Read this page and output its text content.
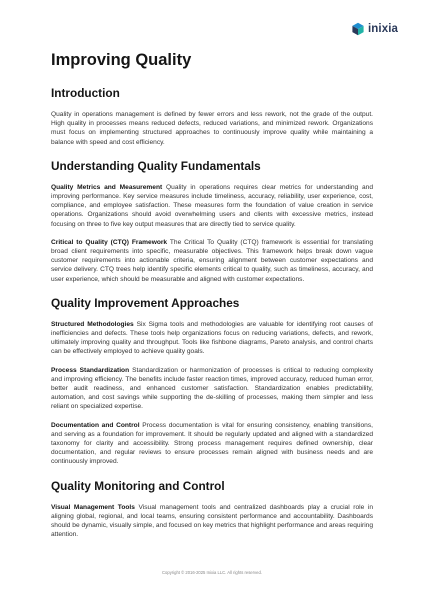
inixia
Improving Quality
Introduction

Quality in operations management is defined by fewer errors and less rework, not the grade of the output. High quality in processes means reduced defects, reduced variations, and minimized rework. Organizations must focus on implementing structured approaches to continuously improve quality while maintaining a balance with speed and cost efficiency.

Understanding Quality Fundamentals

Quality Metrics and Measurement Quality in operations requires clear metrics for understanding and improving performance. Key service measures include timeliness, accuracy, reliability, user experience, cost, compliance, and employee satisfaction. These measures form the foundation of value creation in service operations. Organizations should avoid overwhelming users and clients with excessive metrics, instead focusing on three to five key output measures that are directly tied to service quality.

Critical to Quality (CTQ) Framework The Critical To Quality (CTQ) framework is essential for translating broad client requirements into specific, measurable objectives. This framework helps break down vague customer requirements into actionable criteria, ensuring alignment between customer expectations and service delivery. CTQ trees help identify specific elements critical to quality, such as timeliness, accuracy, and user experience, which should be measurable and aligned with customer expectations.

Quality Improvement Approaches

Structured Methodologies Six Sigma tools and methodologies are valuable for identifying root causes of inefficiencies and defects. These tools help organizations focus on reducing variations, defects, and rework, ultimately improving quality and throughput. Tools like fishbone diagrams, Pareto analysis, and control charts can be effectively employed to achieve quality goals.

Process Standardization Standardization or harmonization of processes is critical to reducing complexity and improving efficiency. The benefits include faster reaction times, improved accuracy, reduced human error, better audit readiness, and enhanced customer satisfaction. Standardization enables predictability, automation, and cost savings while supporting the de-skilling of processes, making them simpler and less reliant on specialized expertise.

Documentation and Control Process documentation is vital for ensuring consistency, enabling transitions, and serving as a foundation for improvement. It should be regularly updated and aligned with a standardized taxonomy for clarity and accessibility. Strong process management requires defined ownership, clear documentation, and regular reviews to ensure processes remain aligned with business needs and are continuously improved.

Quality Monitoring and Control

Visual Management Tools Visual management tools and centralized dashboards play a crucial role in aligning global, regional, and local teams, ensuring consistent performance and accountability. Dashboards should be dynamic, visually simple, and focused on key metrics that highlight performance and areas requiring attention.

Copyright © 2016-2025 Inixia LLC. All rights reserved.
